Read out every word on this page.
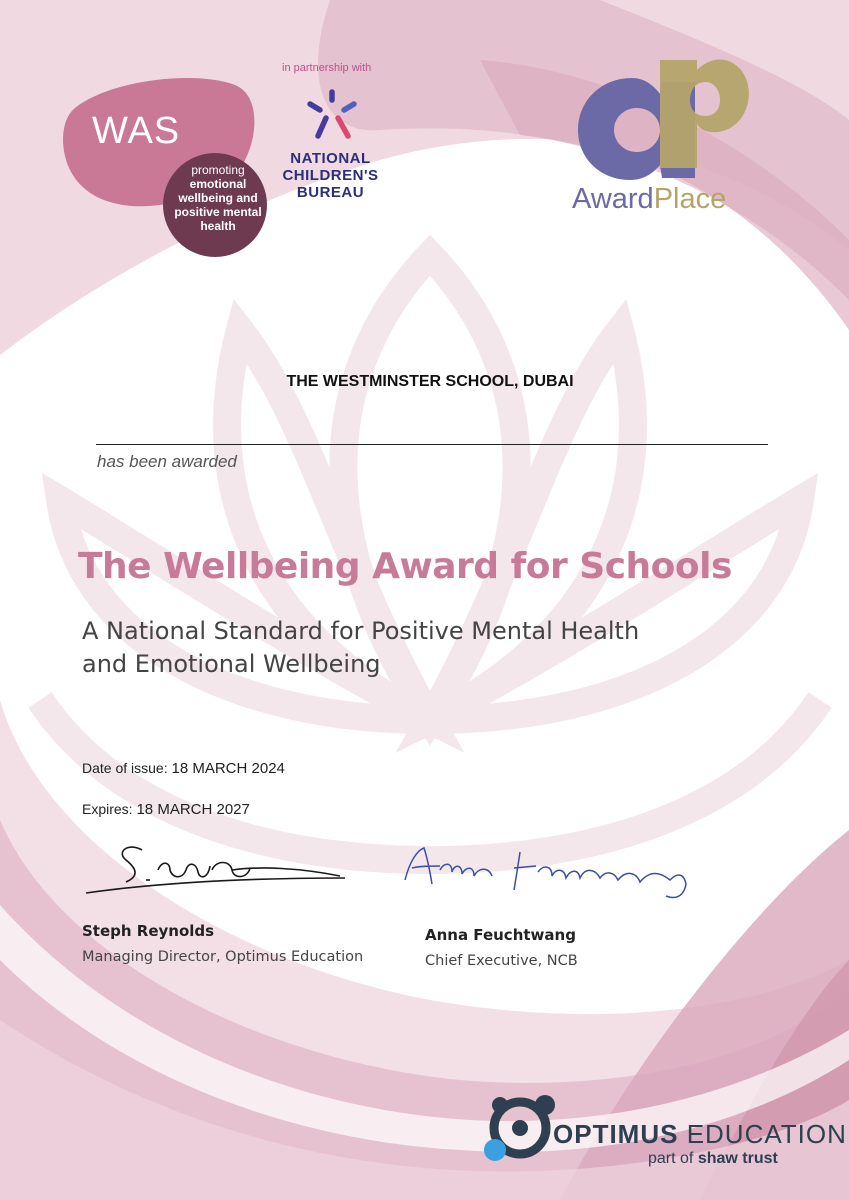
WAS
promoting
emotional wellbeing and positive mental health
in partnership with
NATIONAL
CHILDREN'S
BUREAU	AwardPlace
THE WESTMINSTER SCHOOL, DUBAI
has been awarded
The Wellbeing Award for Schools
A National Standard for Positive Mental Health
and Emotional Wellbeing
Date of issue: 18 MARCH 2024
Expires: 18 MARCH 2027
Steph Reynolds
Managing Director, Optimus Education
Anna Feuchtwang
Chief Executive, NCB
OPTIMUS EDUCATION
part of shaw trust
